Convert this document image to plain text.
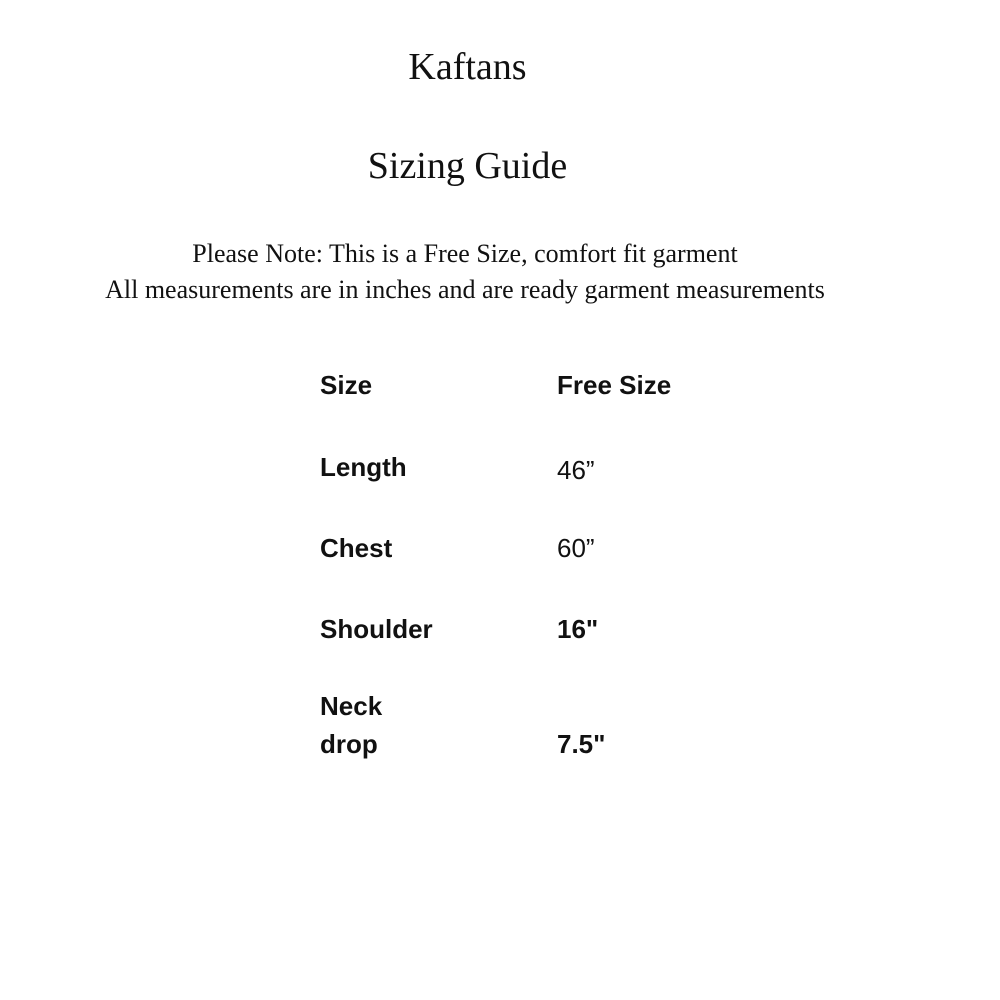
Kaftans
Sizing Guide
Please Note: This is a Free Size, comfort fit garment
All measurements are in inches and are ready garment measurements
Size	Free Size
Length	46”
Chest	60”
Shoulder	16"
Neck
drop	7.5"
